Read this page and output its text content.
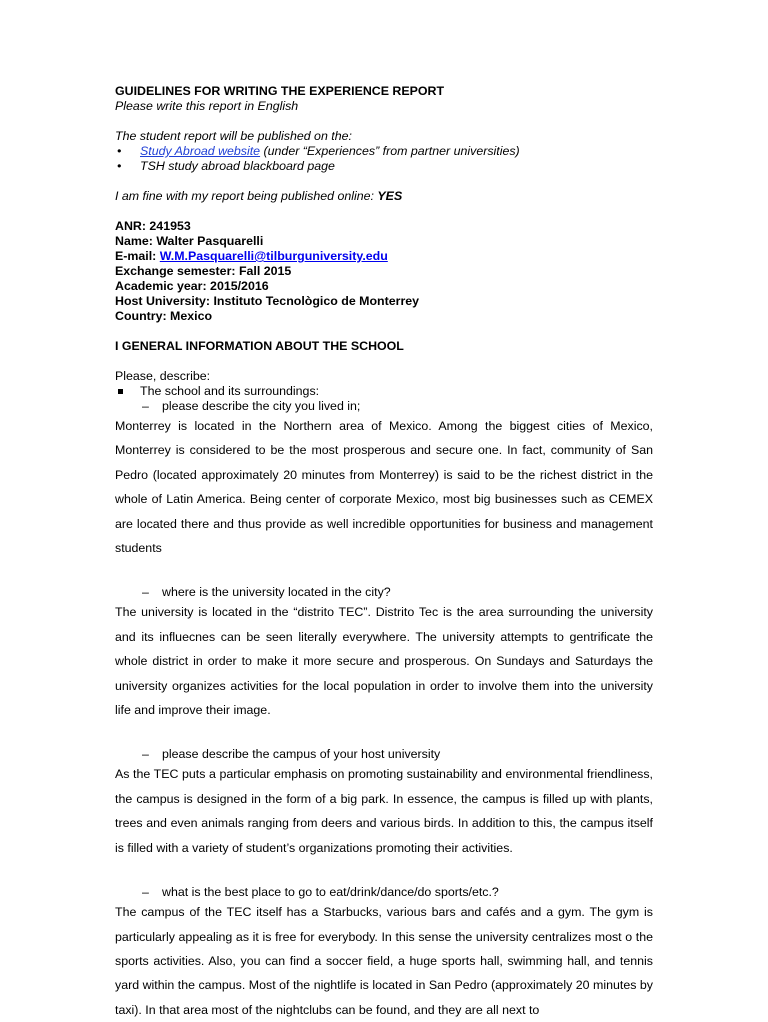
GUIDELINES FOR WRITING THE EXPERIENCE REPORT

Please write this report in English

The student report will be published on the:

• Study Abroad website (under “Experiences” from partner universities)
• TSH study abroad blackboard page

I am fine with my report being published online: YES

ANR: 241953

Name: Walter Pasquarelli

E-mail: W.M.Pasquarelli@tilburguniversity.edu

Exchange semester: Fall 2015

Academic year: 2015/2016

Host University: Instituto Tecnològico de Monterrey

Country: Mexico

I GENERAL INFORMATION ABOUT THE SCHOOL

Please, describe:

The school and its surroundings:
– please describe the city you lived in;

Monterrey is located in the Northern area of Mexico. Among the biggest cities of Mexico, Monterrey is considered to be the most prosperous and secure one. In fact, community of San Pedro (located approximately 20 minutes from Monterrey) is said to be the richest district in the whole of Latin America. Being center of corporate Mexico, most big businesses such as CEMEX are located there and thus provide as well incredible opportunities for business and management students

– where is the university located in the city?

The university is located in the “distrito TEC”. Distrito Tec is the area surrounding the university and its influecnes can be seen literally everywhere. The university attempts to gentrificate the whole district in order to make it more secure and prosperous. On Sundays and Saturdays the university organizes activities for the local population in order to involve them into the university life and improve their image.

– please describe the campus of your host university

As the TEC puts a particular emphasis on promoting sustainability and environmental friendliness, the campus is designed in the form of a big park. In essence, the campus is filled up with plants, trees and even animals ranging from deers and various birds. In addition to this, the campus itself is filled with a variety of student’s organizations promoting their activities.

– what is the best place to go to eat/drink/dance/do sports/etc.?

The campus of the TEC itself has a Starbucks, various bars and cafés and a gym. The gym is particularly appealing as it is free for everybody. In this sense the university centralizes most o the sports activities. Also, you can find a soccer field, a huge sports hall, swimming hall, and tennis yard within the campus. Most of the nightlife is located in San Pedro (approximately 20 minutes by taxi). In that area most of the nightclubs can be found, and they are all next to
